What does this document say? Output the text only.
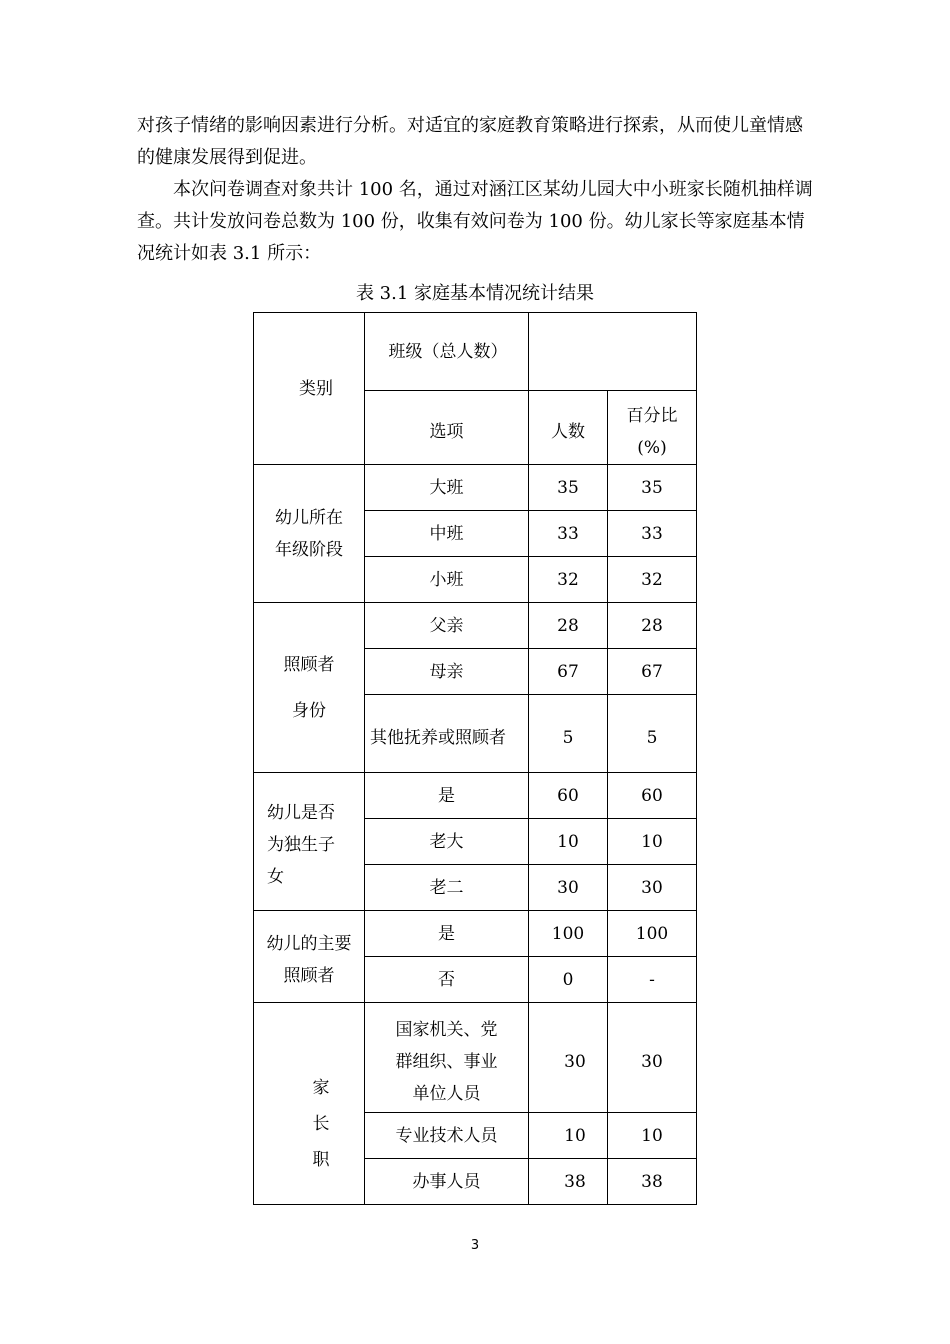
对孩子情绪的影响因素进行分析。对适宜的家庭教育策略进行探索，从而使儿童情感的健康发展得到促进。

本次问卷调查对象共计 100 名，通过对涵江区某幼儿园大中小班家长随机抽样调查。共计发放问卷总数为 100 份，收集有效问卷为 100 份。幼儿家长等家庭基本情况统计如表 3.1 所示：

表 3.1 家庭基本情况统计结果
类别	班级（总人数）		

	选项	人数	百分比(%)

幼儿所在年级阶段	大班	35	35
	中班	33	33
	小班	32	32

照顾者
身份	父亲	28	28
	母亲	67	67

	其他抚养或照顾者	5	5

幼儿是否为独生子女	是	60	60
	老大	10	10
	老二	30	30

幼儿的主要照顾者	是	100	100
	否	0	-

家
长
职	国家机关、党群组织、事业单位人员	30	30
	专业技术人员	10	10
	办事人员	38	38
3
